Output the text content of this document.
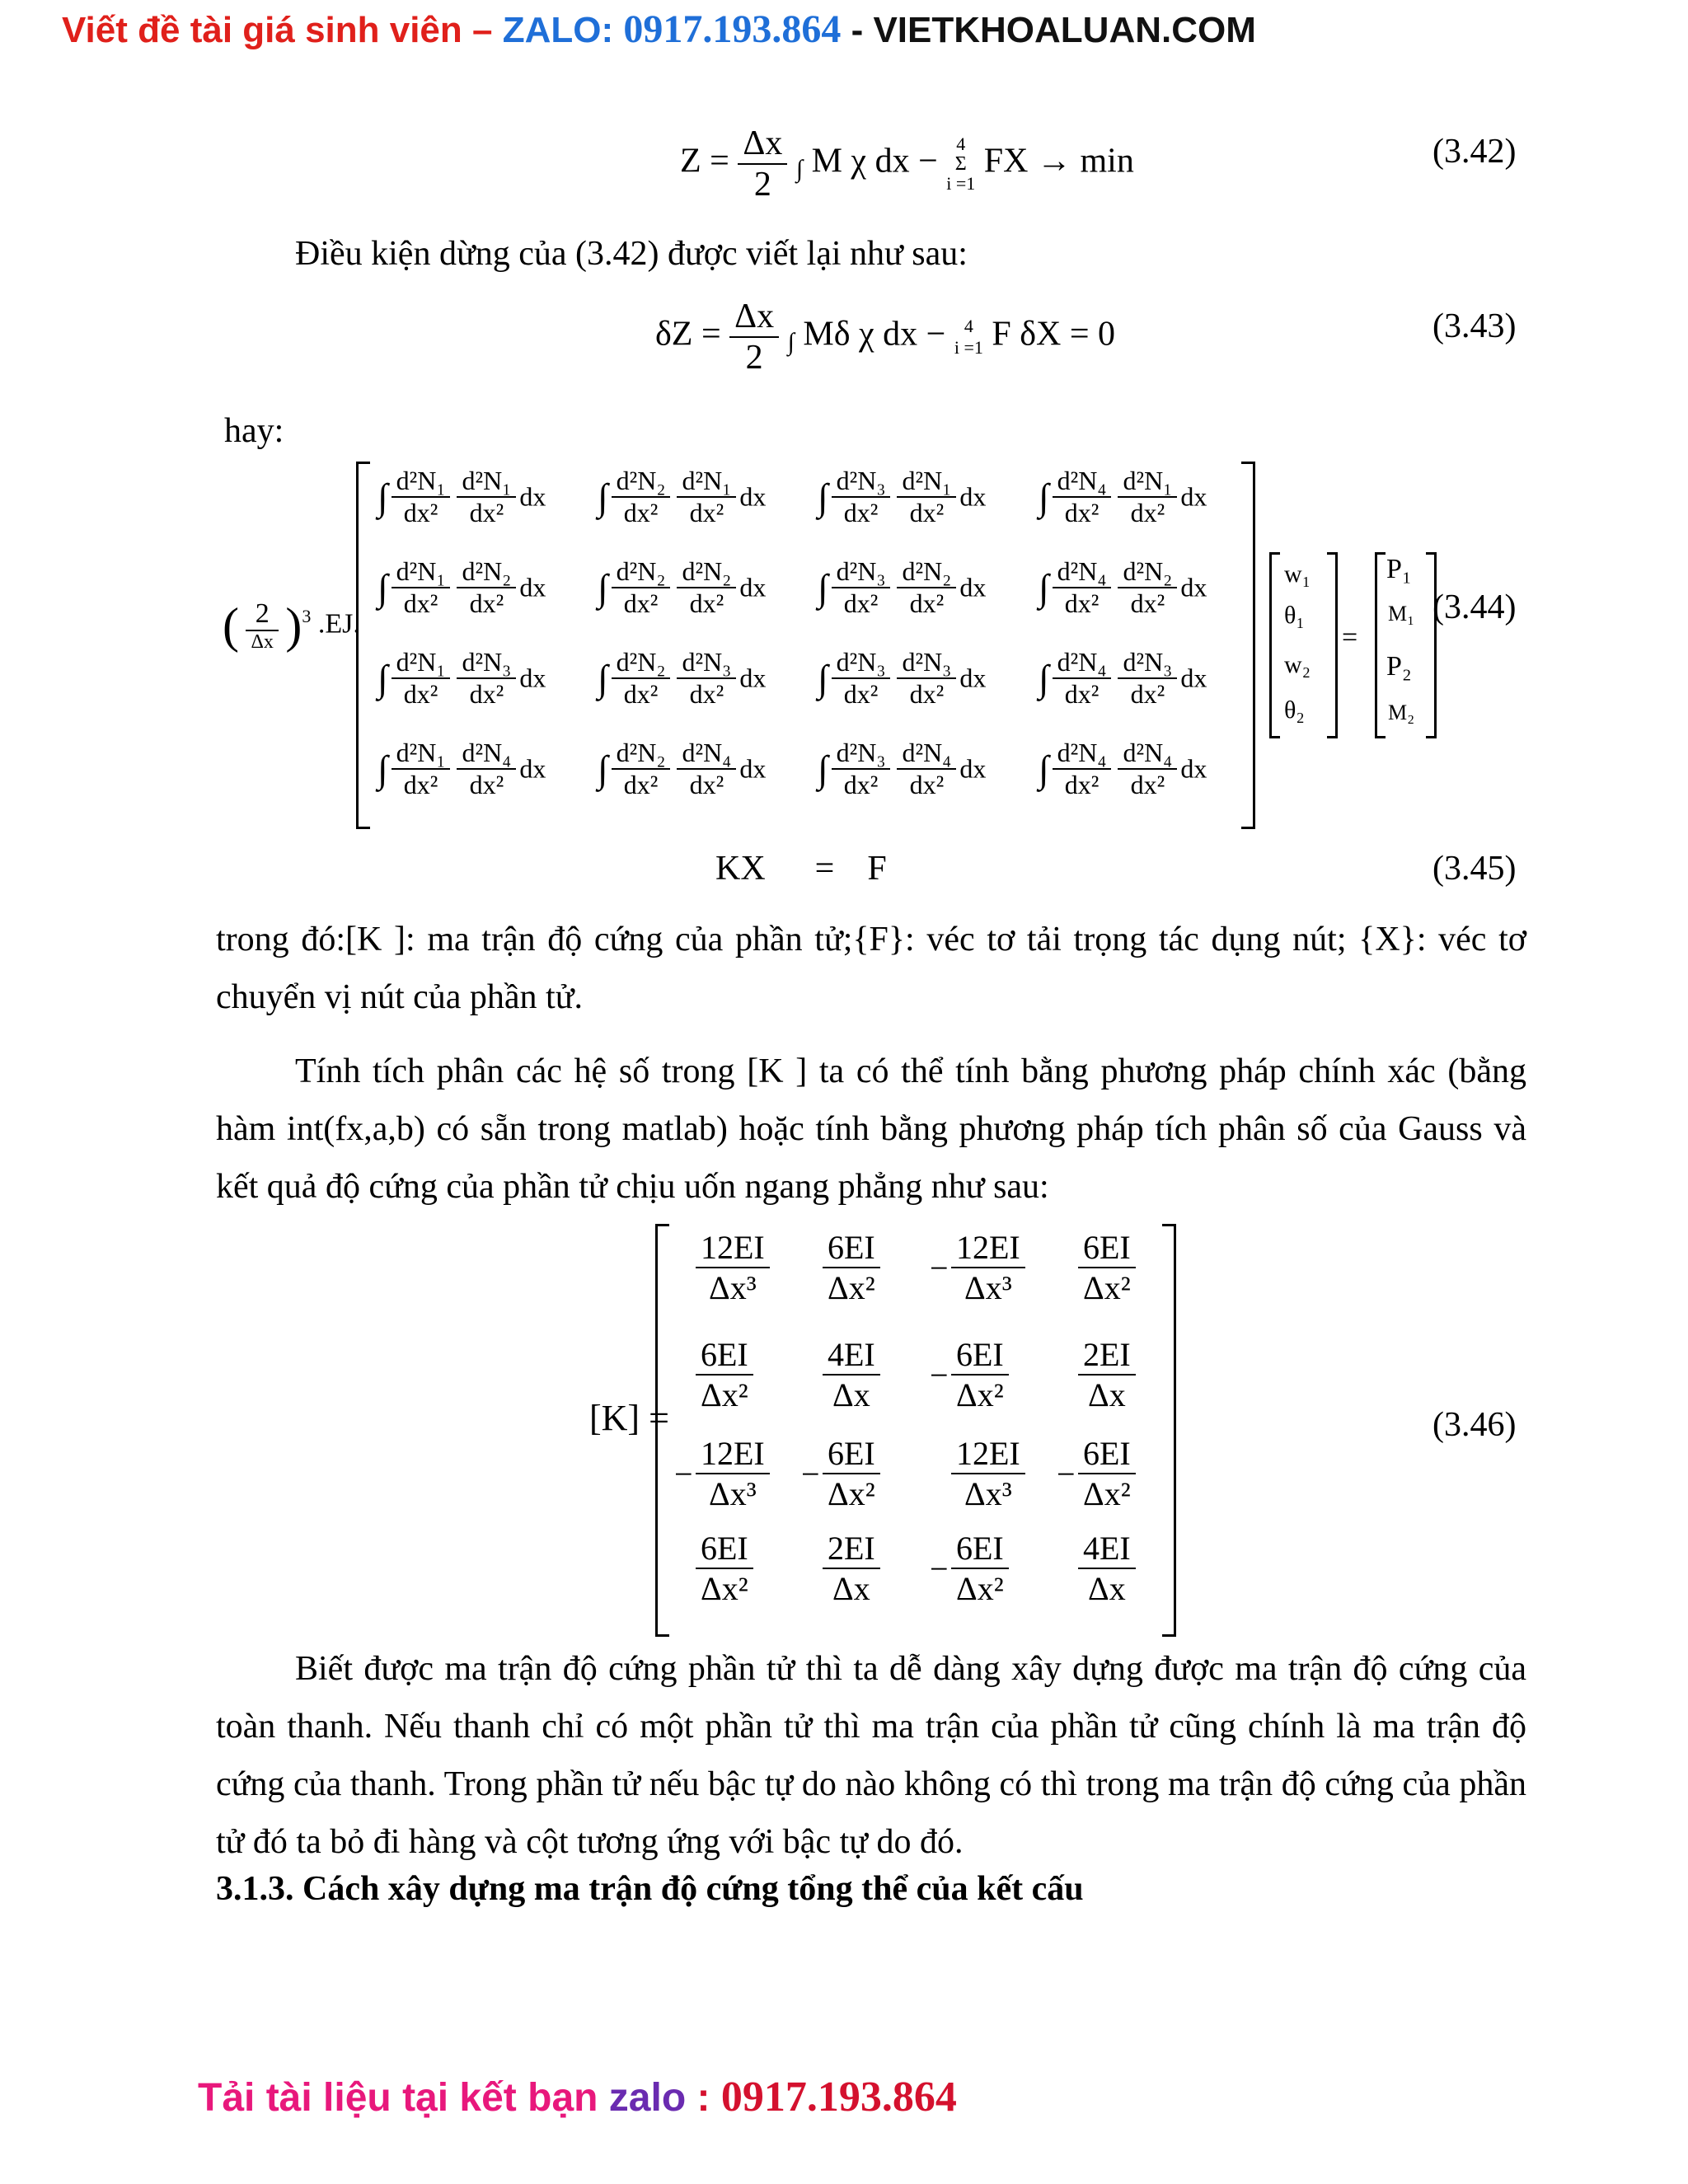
Viết đề tài giá sinh viên – ZALO: 0917.193.864 - VIETKHOALUAN.COM
$Z = \frac{\Delta x}{2}$ ∫ M χ dx −	4
Σ
i =1
FX → min	(3.42)
Điều kiện dừng của (3.42) được viết lại như sau:
$\delta Z = \frac{\Delta x}{2}$ ∫ Mδ χ dx −	4
i =1 F δX = 0	(3.43)
hay:
( $\frac{2}{\Delta x} )^3$ .EJ.
∫ $\frac{\text{d²N₁}}{\text{dx²}} \frac{\text{d²N₁}}{\text{dx²}}$ dx ∫ $\frac{\text{d²N₂}}{\text{dx²}} \frac{\text{d²N₁}}{\text{dx²}}$ dx ∫ $\frac{\text{d²N₃}}{\text{dx²}} \frac{\text{d²N₁}}{\text{dx²}}$ dx ∫ $\frac{\text{d²N₄}}{\text{dx²}} \frac{\text{d²N₁}}{\text{dx²}}$ dx
∫ $\frac{\text{d²N₁}}{\text{dx²}} \frac{\text{d²N₂}}{\text{dx²}}$ dx ∫ $\frac{\text{d²N₂}}{\text{dx²}} \frac{\text{d²N₂}}{\text{dx²}}$ dx ∫ $\frac{\text{d²N₃}}{\text{dx²}} \frac{\text{d²N₂}}{\text{dx²}}$ dx ∫ $\frac{\text{d²N₄}}{\text{dx²}} \frac{\text{d²N₂}}{\text{dx²}}$ dx
∫ $\frac{\text{d²N₁}}{\text{dx²}} \frac{\text{d²N₃}}{\text{dx²}}$ dx ∫ $\frac{\text{d²N₂}}{\text{dx²}} \frac{\text{d²N₃}}{\text{dx²}}$ dx ∫ $\frac{\text{d²N₃}}{\text{dx²}} \frac{\text{d²N₃}}{\text{dx²}}$ dx ∫ $\frac{\text{d²N₄}}{\text{dx²}} \frac{\text{d²N₃}}{\text{dx²}}$ dx
∫ $\frac{\text{d²N₁}}{\text{dx²}} \frac{\text{d²N₄}}{\text{dx²}}$ dx ∫ $\frac{\text{d²N₂}}{\text{dx²}} \frac{\text{d²N₄}}{\text{dx²}}$ dx ∫ $\frac{\text{d²N₃}}{\text{dx²}} \frac{\text{d²N₄}}{\text{dx²}}$ dx ∫ $\frac{\text{d²N₄}}{\text{dx²}} \frac{\text{d²N₄}}{\text{dx²}}$ dx
w₁
θ₁
w₂
θ₂
=
P₁
M₁
P₂
M₂
(3.44)
KX = F	(3.45)
trong đó:[K ]: ma trận độ cứng của phần tử;{F}: véc tơ tải trọng tác dụng nút; {X}: véc tơ chuyển vị nút của phần tử.
Tính tích phân các hệ số trong [K ] ta có thể tính bằng phương pháp chính xác (bằng hàm int(fx,a,b) có sẵn trong matlab) hoặc tính bằng phương pháp tích phân số của Gauss và kết quả độ cứng của phần tử chịu uốn ngang phẳng như sau:
[K] =
$\frac{12EI}{\text{Δx³}} \frac{6EI}{\text{Δx²}} - \frac{12EI}{\text{Δx³}} \frac{6EI}{\text{Δx²}}$
$\frac{6EI}{\text{Δx²}} \frac{4EI}{\Delta x} - \frac{6EI}{\text{Δx²}} \frac{2EI}{\Delta x}$
− $\frac{12EI}{\text{Δx³}} - \frac{6EI}{\text{Δx²}} \frac{12EI}{\text{Δx³}} - \frac{6EI}{\text{Δx²}}$
$\frac{6EI}{\text{Δx²}} \frac{2EI}{\Delta x} - \frac{6EI}{\text{Δx²}} \frac{4EI}{\Delta x}$
(3.46)
Biết được ma trận độ cứng phần tử thì ta dễ dàng xây dựng được ma trận độ cứng của toàn thanh. Nếu thanh chỉ có một phần tử thì ma trận của phần tử cũng chính là ma trận độ cứng của thanh. Trong phần tử nếu bậc tự do nào không có thì trong ma trận độ cứng của phần tử đó ta bỏ đi hàng và cột tương ứng với bậc tự do đó.
3.1.3. Cách xây dựng ma trận độ cứng tổng thể của kết cấu
Tải tài liệu tại kết bạn zalo : 0917.193.864
